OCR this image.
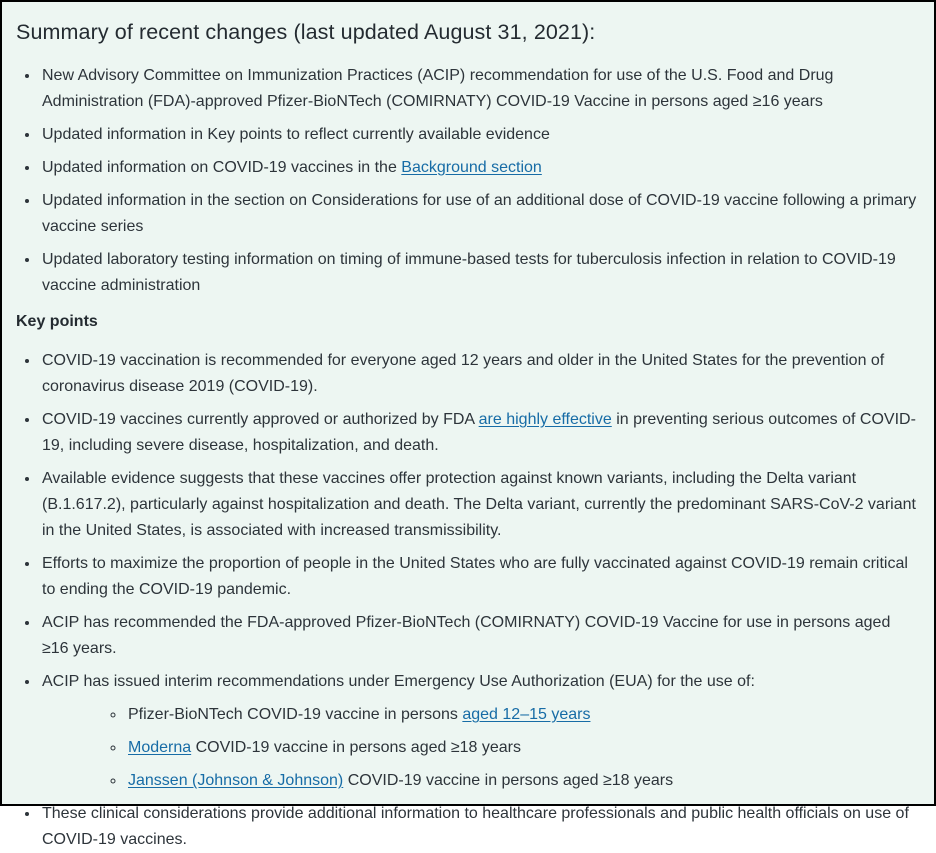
Summary of recent changes (last updated August 31, 2021):
• New Advisory Committee on Immunization Practices (ACIP) recommendation for use of the U.S. Food and Drug Administration (FDA)-approved Pfizer-BioNTech (COMIRNATY) COVID-19 Vaccine in persons aged ≥16 years
• Updated information in Key points to reflect currently available evidence
• Updated information on COVID-19 vaccines in the Background section
• Updated information in the section on Considerations for use of an additional dose of COVID-19 vaccine following a primary vaccine series
• Updated laboratory testing information on timing of immune-based tests for tuberculosis infection in relation to COVID-19 vaccine administration

Key points

• COVID-19 vaccination is recommended for everyone aged 12 years and older in the United States for the prevention of coronavirus disease 2019 (COVID-19).
• COVID-19 vaccines currently approved or authorized by FDA are highly effective in preventing serious outcomes of COVID-19, including severe disease, hospitalization, and death.
• Available evidence suggests that these vaccines offer protection against known variants, including the Delta variant (B.1.617.2), particularly against hospitalization and death. The Delta variant, currently the predominant SARS-CoV-2 variant in the United States, is associated with increased transmissibility.
• Efforts to maximize the proportion of people in the United States who are fully vaccinated against COVID-19 remain critical to ending the COVID-19 pandemic.
• ACIP has recommended the FDA-approved Pfizer-BioNTech (COMIRNATY) COVID-19 Vaccine for use in persons aged ≥16 years.
• ACIP has issued interim recommendations under Emergency Use Authorization (EUA) for the use of:
◦ Pfizer-BioNTech COVID-19 vaccine in persons aged 12–15 years
◦ Moderna COVID-19 vaccine in persons aged ≥18 years
◦ Janssen (Johnson & Johnson) COVID-19 vaccine in persons aged ≥18 years
• These clinical considerations provide additional information to healthcare professionals and public health officials on use of COVID-19 vaccines.
